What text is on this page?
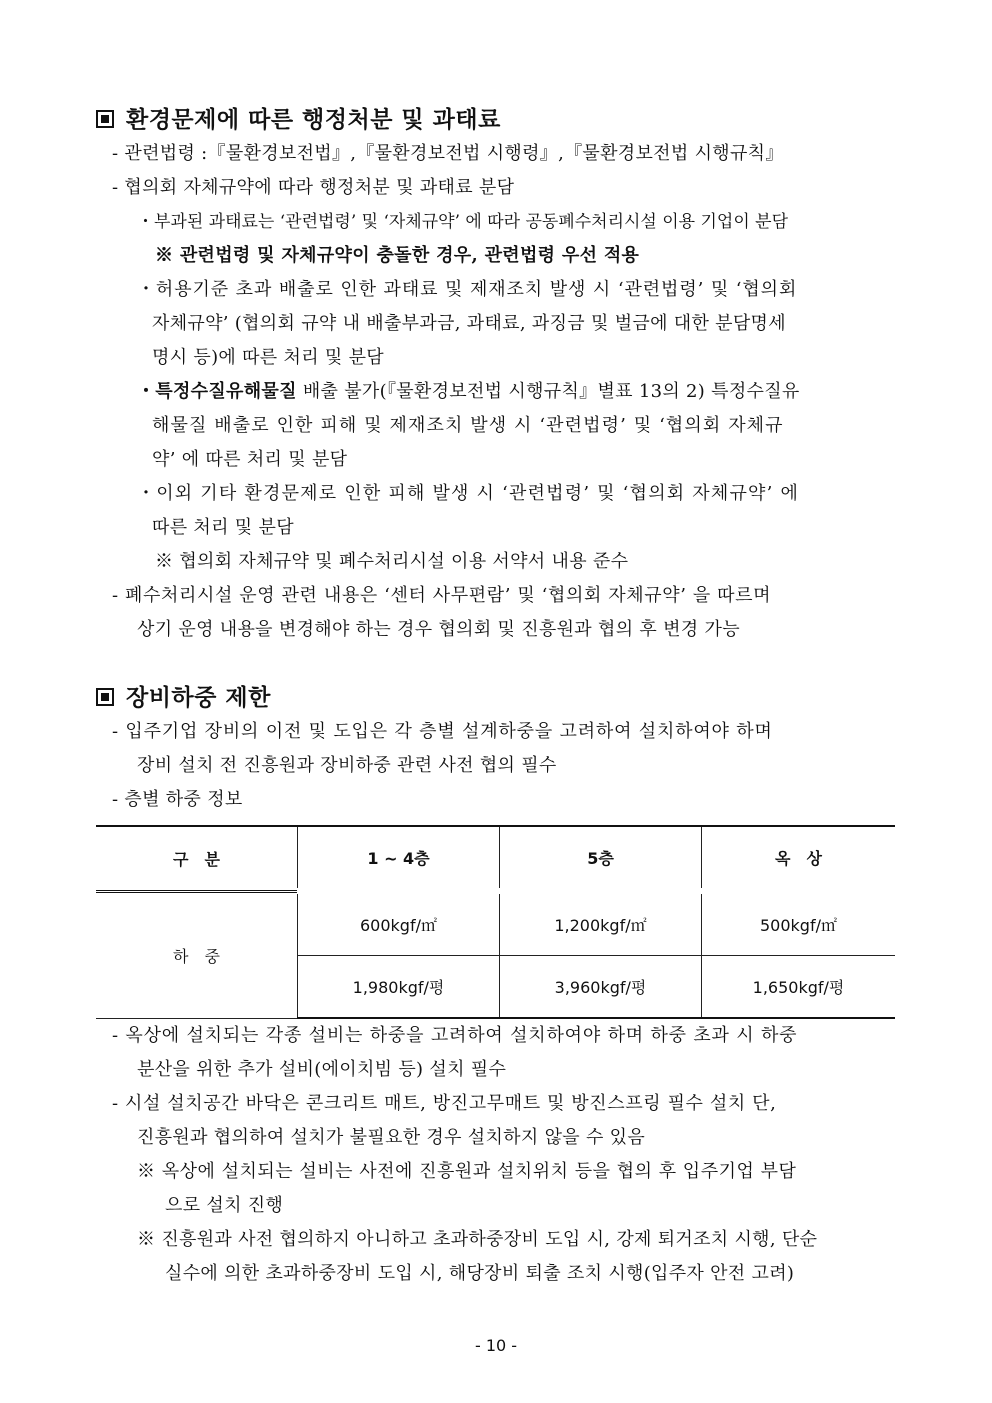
환경문제에 따른 행정처분 및 과태료
- 관련법령 :『물환경보전법』,『물환경보전법 시행령』,『물환경보전법 시행규칙』
- 협의회 자체규약에 따라 행정처분 및 과태료 분담
・부과된 과태료는 ‘관련법령’ 및 ‘자체규약’ 에 따라 공동폐수처리시설 이용 기업이 분담
※ 관련법령 및 자체규약이 충돌한 경우, 관련법령 우선 적용
・허용기준 초과 배출로 인한 과태료 및 제재조치 발생 시 ‘관련법령’ 및 ‘협의회
자체규약’ (협의회 규약 내 배출부과금, 과태료, 과징금 및 벌금에 대한 분담명세
명시 등)에 따른 처리 및 분담
・특정수질유해물질 배출 불가(『물환경보전법 시행규칙』별표 13의 2) 특정수질유
해물질 배출로 인한 피해 및 제재조치 발생 시 ‘관련법령’ 및 ‘협의회 자체규
약’ 에 따른 처리 및 분담
・이외 기타 환경문제로 인한 피해 발생 시 ‘관련법령’ 및 ‘협의회 자체규약’ 에
따른 처리 및 분담
※ 협의회 자체규약 및 폐수처리시설 이용 서약서 내용 준수
- 폐수처리시설 운영 관련 내용은 ‘센터 사무편람’ 및 ‘협의회 자체규약’ 을 따르며
상기 운영 내용을 변경해야 하는 경우 협의회 및 진흥원과 협의 후 변경 가능
장비하중 제한
- 입주기업 장비의 이전 및 도입은 각 층별 설계하중을 고려하여 설치하여야 하며
장비 설치 전 진흥원과 장비하중 관련 사전 협의 필수
- 층별 하중 정보
구　분	1 ~ 4층	5층	옥　상
하　중	600kgf/㎡	1,200kgf/㎡	500kgf/㎡
	1,980kgf/평	3,960kgf/평	1,650kgf/평
- 옥상에 설치되는 각종 설비는 하중을 고려하여 설치하여야 하며 하중 초과 시 하중
분산을 위한 추가 설비(에이치빔 등) 설치 필수
- 시설 설치공간 바닥은 콘크리트 매트, 방진고무매트 및 방진스프링 필수 설치 단,
진흥원과 협의하여 설치가 불필요한 경우 설치하지 않을 수 있음
※ 옥상에 설치되는 설비는 사전에 진흥원과 설치위치 등을 협의 후 입주기업 부담
으로 설치 진행
※ 진흥원과 사전 협의하지 아니하고 초과하중장비 도입 시, 강제 퇴거조치 시행, 단순
실수에 의한 초과하중장비 도입 시, 해당장비 퇴출 조치 시행(입주자 안전 고려)
- 10 -
